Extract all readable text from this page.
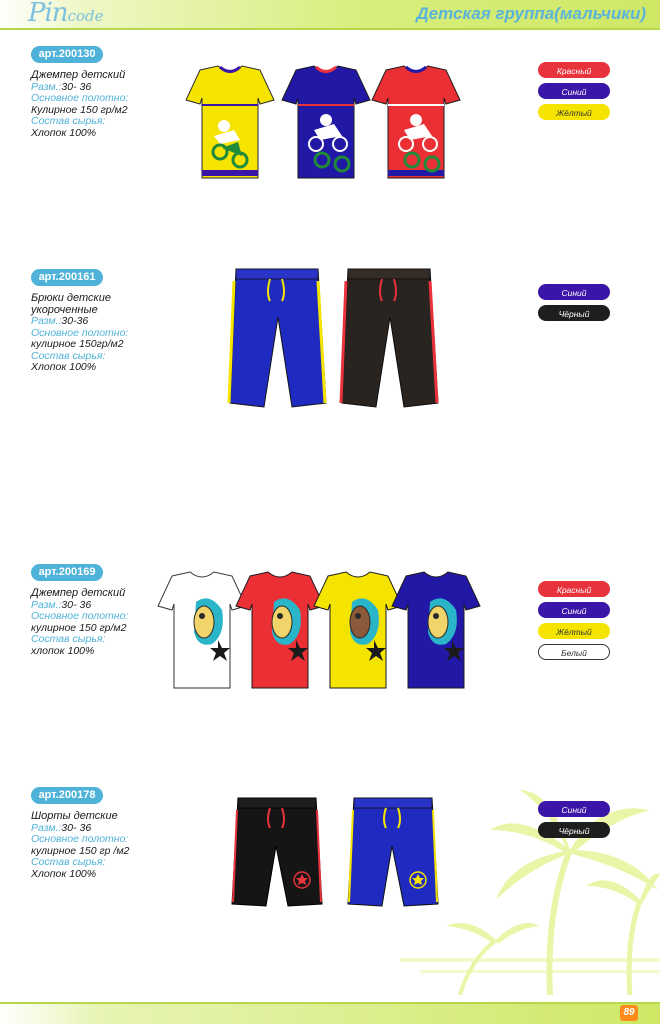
Pincode	Детская группа(мальчики)
арт.200130
Джемпер детский
Разм.:30- 36
Основное полотно:
Кулирное 150 гр/м2
Состав сырья:
Хлопок 100%
Красный
Синий
Жёлтый
арт.200161
Брюки детские укороченные
Разм.:30-36
Основное полотно:
кулирное 150гр/м2
Состав сырья:
Хлопок 100%
Синий
Чёрный
арт.200169
Джемпер детский
Разм.:30- 36
Основное полотно:
кулирное 150 гр/м2
Состав сырья:
хлопок 100%
Красный
Синий
Жёлтый
Белый
арт.200178
Шорты детские
Разм.:30- 36
Основное полотно:
кулирное 150 гр /м2
Состав сырья:
Хлопок 100%
Синий
Чёрный
89
